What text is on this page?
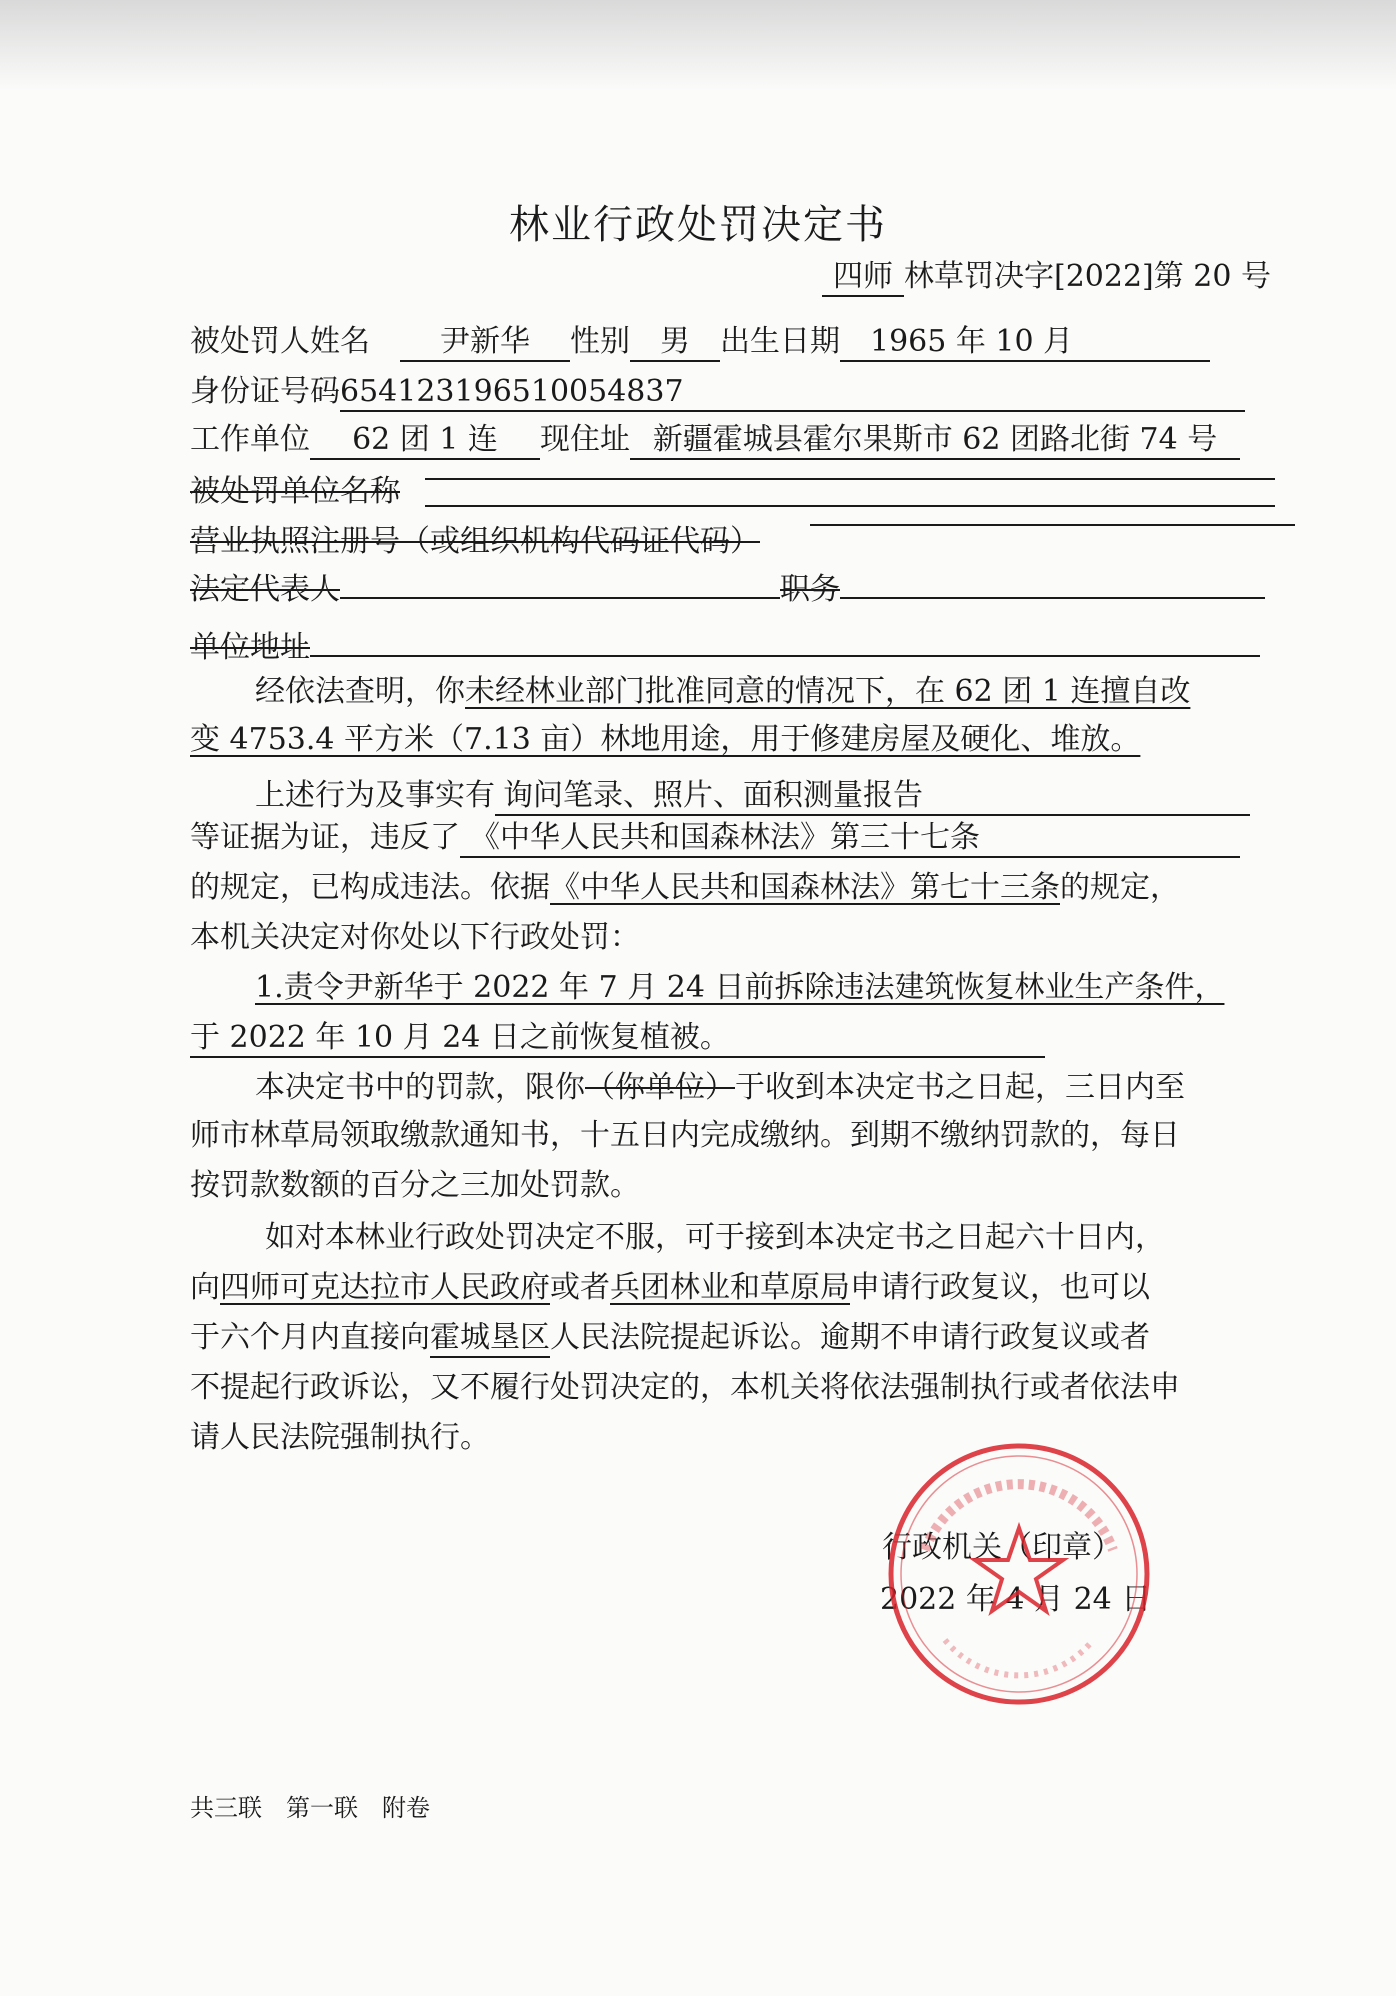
林业行政处罚决定书
四师 林草罚决字[2022]第 20 号
被处罚人姓名 尹新华 性别 男 出生日期 1965 年 10 月
身份证号码654123196510054837
工作单位 62 团 1 连 现住址 新疆霍城县霍尔果斯市 62 团路北街 74 号
被处罚单位名称
营业执照注册号（或组织机构代码证代码）
法定代表人	职务
单位地址
经依法查明，你未经林业部门批准同意的情况下，在 62 团 1 连擅自改
变 4753.4 平方米（7.13 亩）林地用途，用于修建房屋及硬化、堆放。
上述行为及事实有 询问笔录、照片、面积测量报告
等证据为证，违反了 《中华人民共和国森林法》第三十七条
的规定，已构成违法。依据《中华人民共和国森林法》第七十三条的规定，
本机关决定对你处以下行政处罚：
1.责令尹新华于 2022 年 7 月 24 日前拆除违法建筑恢复林业生产条件，
于 2022 年 10 月 24 日之前恢复植被。
本决定书中的罚款，限你（你单位）于收到本决定书之日起，三日内至
师市林草局领取缴款通知书，十五日内完成缴纳。到期不缴纳罚款的，每日
按罚款数额的百分之三加处罚款。
如对本林业行政处罚决定不服，可于接到本决定书之日起六十日内，
向四师可克达拉市人民政府或者兵团林业和草原局申请行政复议，也可以
于六个月内直接向霍城垦区人民法院提起诉讼。逾期不申请行政复议或者
不提起行政诉讼，又不履行处罚决定的，本机关将依法强制执行或者依法申
请人民法院强制执行。
行政机关（印章）
2022 年 4 月 24 日
共三联　第一联　附卷
